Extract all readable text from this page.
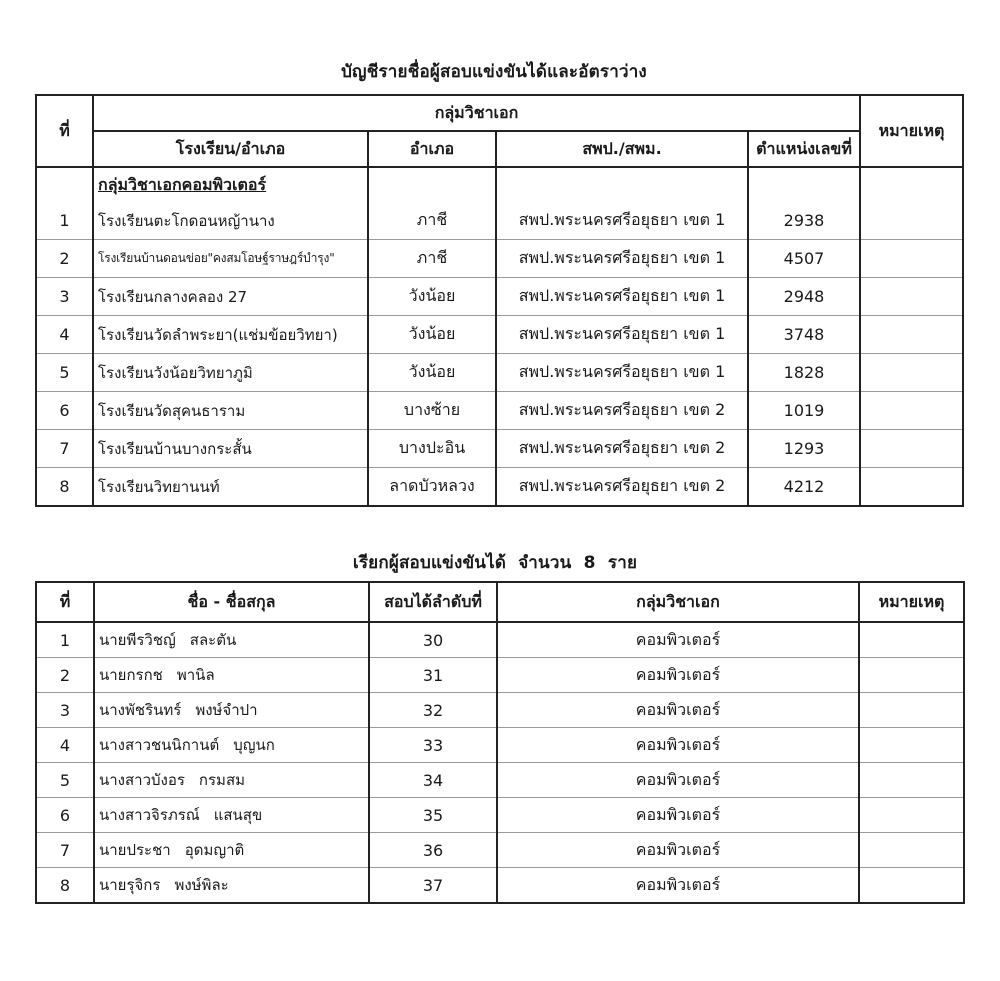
บัญชีรายชื่อผู้สอบแข่งขันได้และอัตราว่าง
ที่	กลุ่มวิชาเอก				หมายเหตุ
	โรงเรียน/อำเภอ	อำเภอ	สพป./สพม.	ตำแหน่งเลขที่	
	กลุ่มวิชาเอกคอมพิวเตอร์				
1	โรงเรียนตะโกดอนหญ้านาง	ภาชี	สพป.พระนครศรีอยุธยา เขต 1	2938	
2	โรงเรียนบ้านดอนข่อย"คงสมโอษฐ์ราษฎร์บำรุง"	ภาชี	สพป.พระนครศรีอยุธยา เขต 1	4507	
3	โรงเรียนกลางคลอง 27	วังน้อย	สพป.พระนครศรีอยุธยา เขต 1	2948	
4	โรงเรียนวัดลำพระยา(แช่มข้อยวิทยา)	วังน้อย	สพป.พระนครศรีอยุธยา เขต 1	3748	
5	โรงเรียนวังน้อยวิทยาภูมิ	วังน้อย	สพป.พระนครศรีอยุธยา เขต 1	1828	
6	โรงเรียนวัดสุคนธาราม	บางซ้าย	สพป.พระนครศรีอยุธยา เขต 2	1019	
7	โรงเรียนบ้านบางกระสั้น	บางปะอิน	สพป.พระนครศรีอยุธยา เขต 2	1293	
8	โรงเรียนวิทยานนท์	ลาดบัวหลวง	สพป.พระนครศรีอยุธยา เขต 2	4212	
เรียกผู้สอบแข่งขันได้  จำนวน  8  ราย
ที่	ชื่อ - ชื่อสกุล	สอบได้ลำดับที่	กลุ่มวิชาเอก	หมายเหตุ
1	นายพีรวิชญ์ สละตัน	30	คอมพิวเตอร์	
2	นายกรกช พานิล	31	คอมพิวเตอร์	
3	นางพัชรินทร์ พงษ์จำปา	32	คอมพิวเตอร์	
4	นางสาวชนนิกานต์ บุญนก	33	คอมพิวเตอร์	
5	นางสาวบังอร กรมสม	34	คอมพิวเตอร์	
6	นางสาวจิรภรณ์ แสนสุข	35	คอมพิวเตอร์	
7	นายประชา อุดมญาติ	36	คอมพิวเตอร์	
8	นายรุจิกร พงษ์พิละ	37	คอมพิวเตอร์	
